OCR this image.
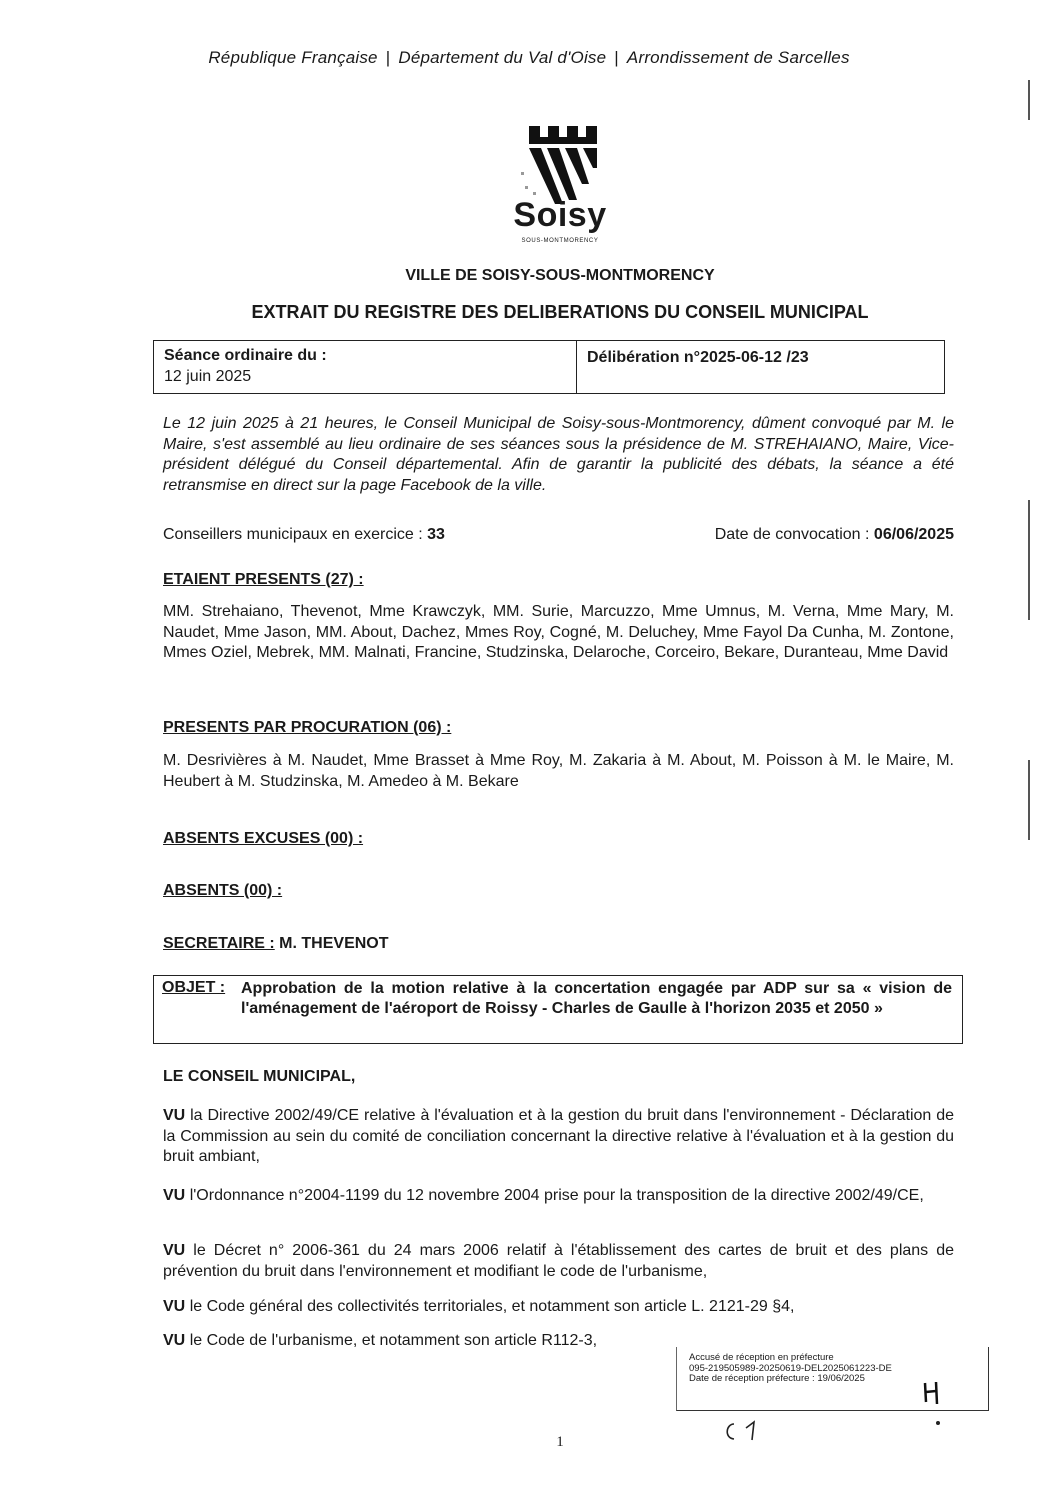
République Française | Département du Val d'Oise | Arrondissement de Sarcelles
Soisy
SOUS-MONTMORENCY
VILLE DE SOISY-SOUS-MONTMORENCY
EXTRAIT DU REGISTRE DES DELIBERATIONS DU CONSEIL MUNICIPAL
Séance ordinaire du :
12 juin 2025
Délibération n°2025-06-12 /23
Le 12 juin 2025 à 21 heures, le Conseil Municipal de Soisy-sous-Montmorency, dûment convoqué par M. le Maire, s'est assemblé au lieu ordinaire de ses séances sous la présidence de M. STREHAIANO, Maire, Vice-président délégué du Conseil départemental. Afin de garantir la publicité des débats, la séance a été retransmise en direct sur la page Facebook de la ville.
Conseillers municipaux en exercice : 33	Date de convocation : 06/06/2025
ETAIENT PRESENTS (27) :
MM. Strehaiano, Thevenot, Mme Krawczyk, MM. Surie, Marcuzzo, Mme Umnus, M. Verna, Mme Mary, M. Naudet, Mme Jason, MM. About, Dachez, Mmes Roy, Cogné, M. Deluchey, Mme Fayol Da Cunha, M. Zontone, Mmes Oziel, Mebrek, MM. Malnati, Francine, Studzinska, Delaroche, Corceiro, Bekare, Duranteau, Mme David
PRESENTS PAR PROCURATION (06) :
M. Desrivières à M. Naudet, Mme Brasset à Mme Roy, M. Zakaria à M. About, M. Poisson à M. le Maire, M. Heubert à M. Studzinska, M. Amedeo à M. Bekare
ABSENTS EXCUSES (00) :
ABSENTS (00) :
SECRETAIRE : M. THEVENOT
OBJET : Approbation de la motion relative à la concertation engagée par ADP sur sa « vision de l'aménagement de l'aéroport de Roissy - Charles de Gaulle à l'horizon 2035 et 2050 »
LE CONSEIL MUNICIPAL,
VU la Directive 2002/49/CE relative à l'évaluation et à la gestion du bruit dans l'environnement - Déclaration de la Commission au sein du comité de conciliation concernant la directive relative à l'évaluation et à la gestion du bruit ambiant,
VU l'Ordonnance n°2004-1199 du 12 novembre 2004 prise pour la transposition de la directive 2002/49/CE,
VU le Décret n° 2006-361 du 24 mars 2006 relatif à l'établissement des cartes de bruit et des plans de prévention du bruit dans l'environnement et modifiant le code de l'urbanisme,
VU le Code général des collectivités territoriales, et notamment son article L. 2121-29 §4,
VU le Code de l'urbanisme, et notamment son article R112-3,
Accusé de réception en préfecture
095-219505989-20250619-DEL2025061223-DE
Date de réception préfecture : 19/06/2025
1
